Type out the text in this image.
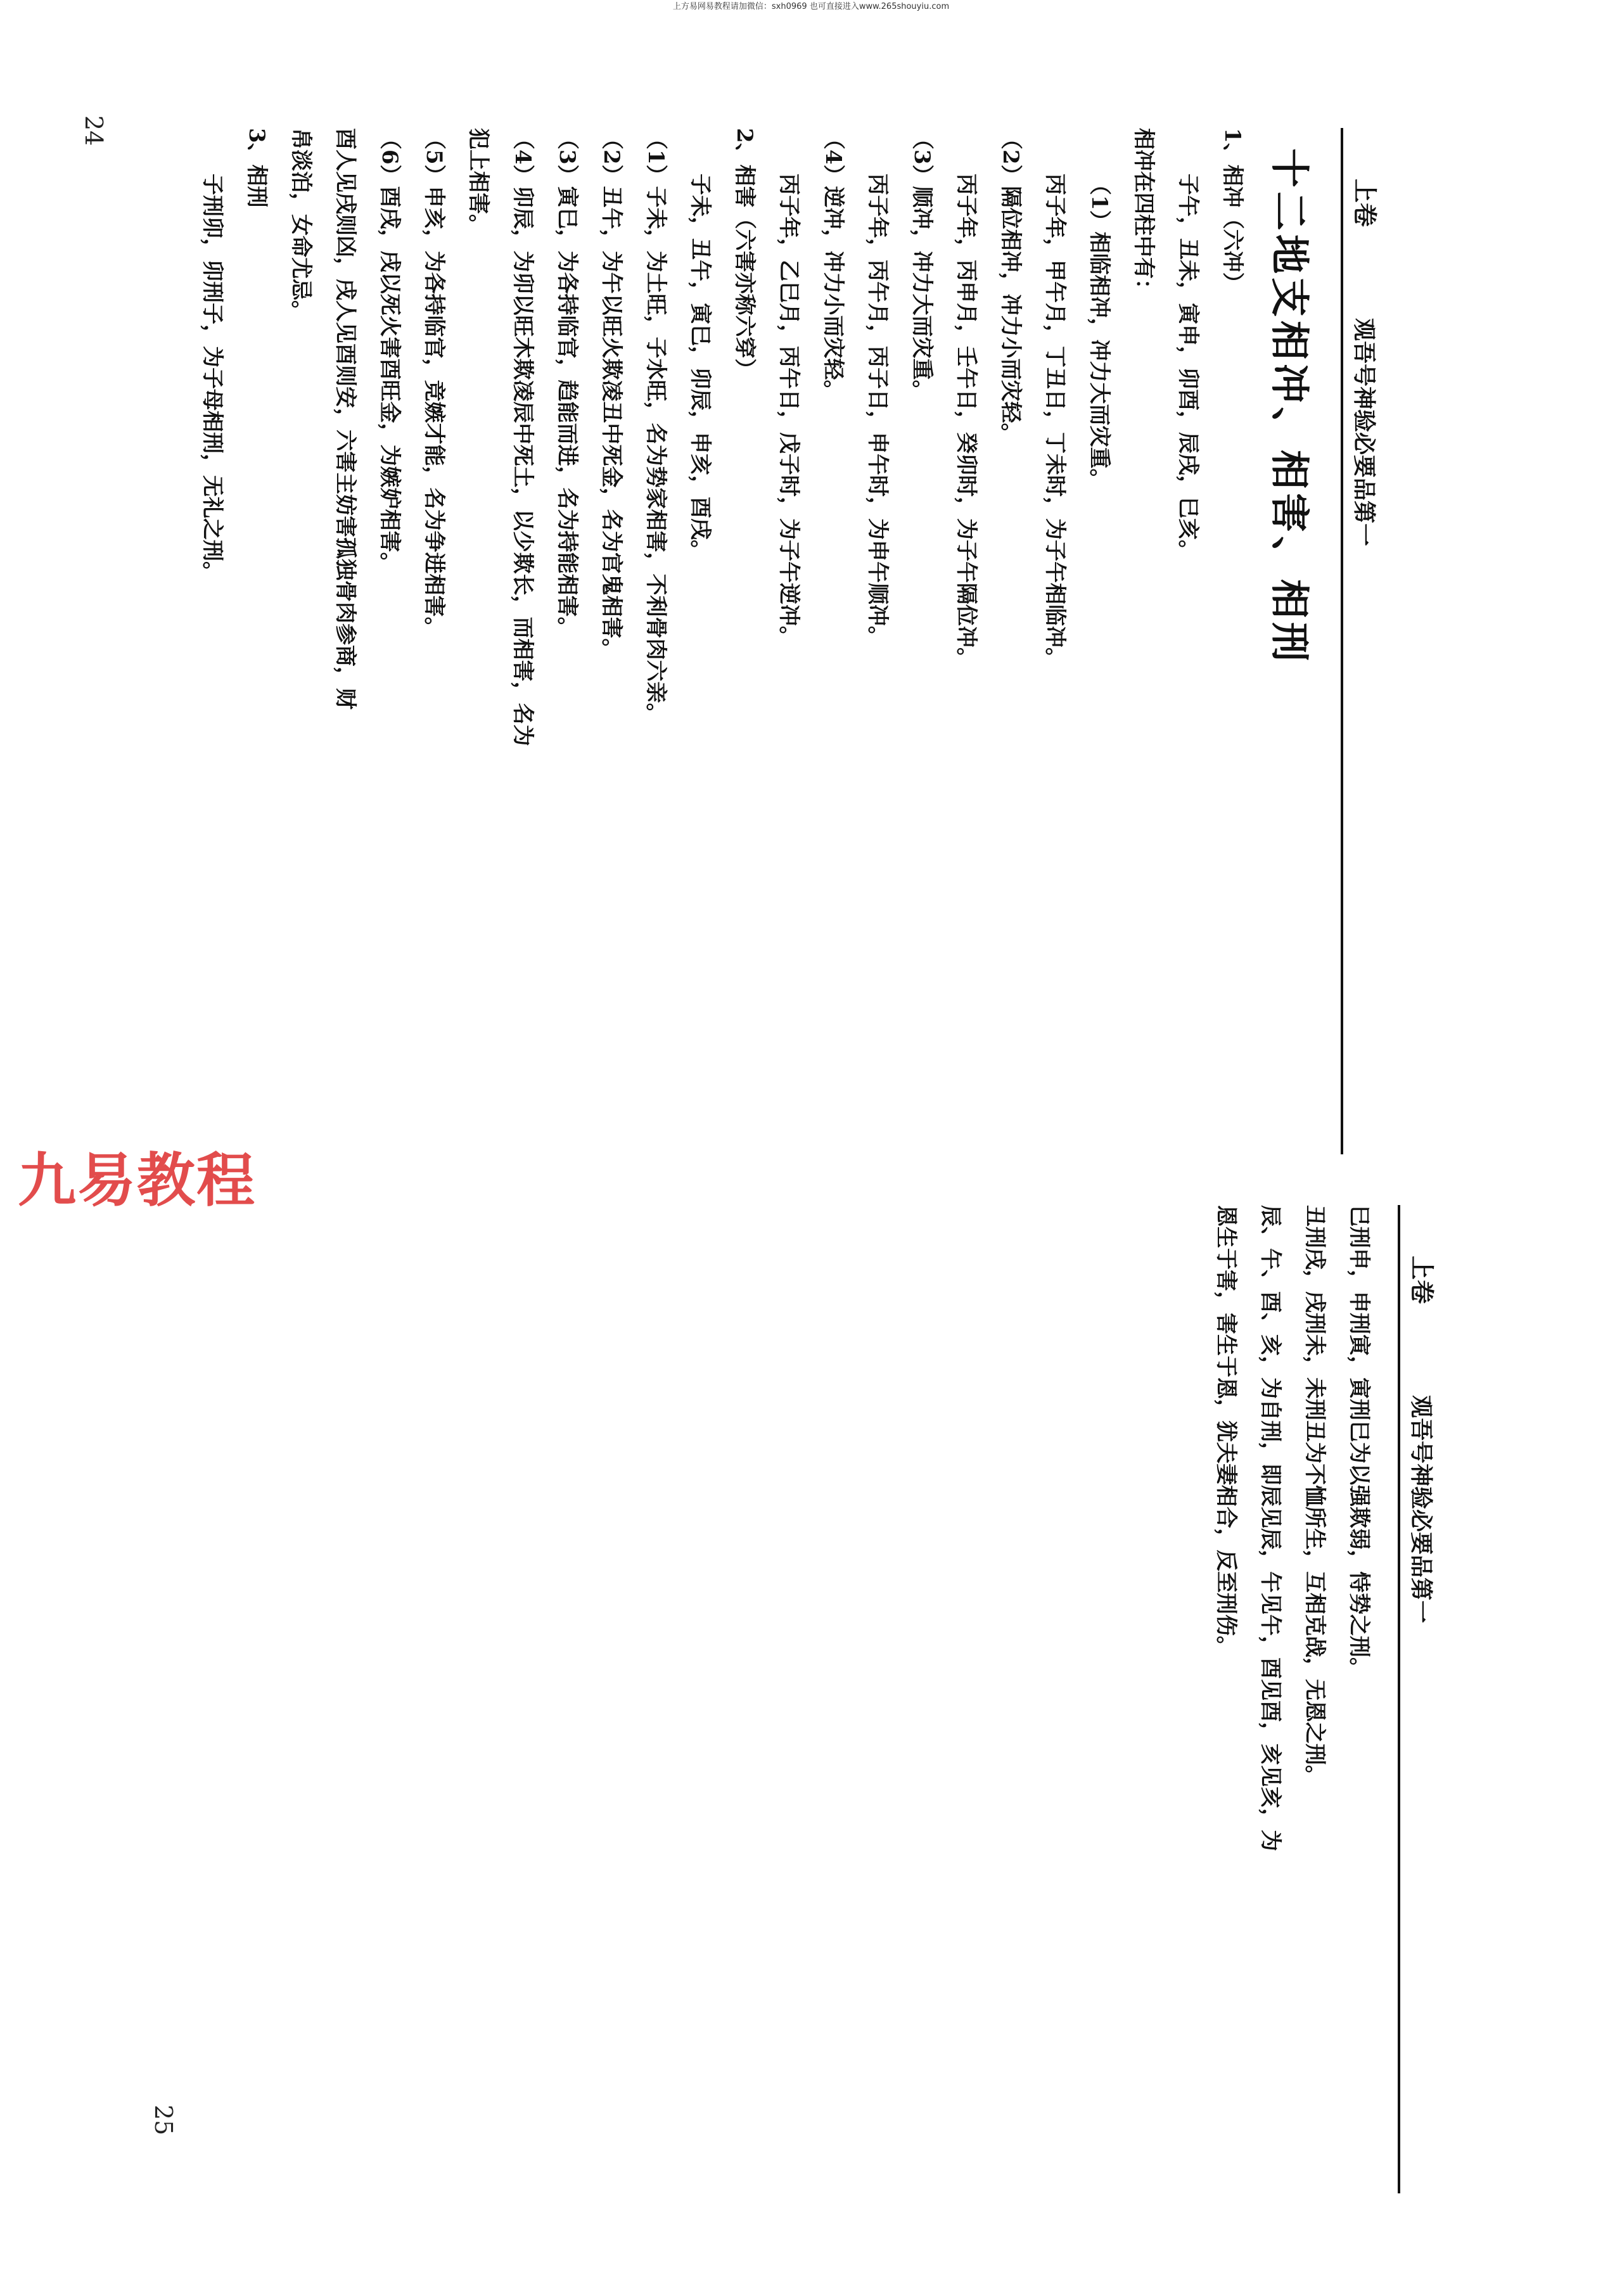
上方易网易教程请加微信：sxh0969 也可直接进入www.265shouyiu.com
上卷
观吾号神验必要品第一

十二地支相冲、相害、相刑

1、相冲（六冲）

子午，丑未，寅申，卯酉，辰戌，巳亥。

相冲在四柱中有：

（1）相临相冲，冲力大而灾重。

丙子年，甲午月，丁丑日，丁未时，为子午相临冲。

（2）隔位相冲，冲力小而灾轻。

丙子年，丙申月，壬午日，癸卯时，为子午隔位冲。

（3）顺冲，冲力大而灾重。

丙子年，丙午月，丙子日，申午时，为申午顺冲。

（4）逆冲，冲力小而灾轻。

丙子年，乙巳月，丙午日，戊子时，为子午逆冲。

2、相害（六害亦称六穿）

子未，丑午，寅巳，卯辰，申亥，酉戌。

（1）子未，为土旺，子水旺，名为势家相害，不利骨肉六亲。

（2）丑午，为午以旺火欺凌丑中死金，名为官鬼相害。

（3）寅巳，为各持临官，趋能而进，名为持能相害。

（4）卯辰，为卯以旺木欺凌辰中死土，以少欺长，而相害，名为

犯上相害。

（5）申亥，为各持临官，竞嫉才能，名为争进相害。

（6）酉戌，戌以死火害酉旺金，为嫉妒相害。

酉人见戌则凶，戌人见酉则安，六害主妨害孤独骨肉参商，财

帛淡泊，女命尤忌。

3、相刑

子刑卯，卯刑子，为子母相刑，无礼之刑。

24
上卷
观吾号神验必要品第一

巳刑申，申刑寅，寅刑巳为以强欺弱，恃势之刑。

丑刑戌，戌刑未，未刑丑为不恤所生，互相克战，无恩之刑。

辰、午、酉、亥，为自刑，即辰见辰，午见午，酉见酉，亥见亥，为

恩生于害，害生于恩，犹夫妻相合，反至刑伤。

25
九易教程
